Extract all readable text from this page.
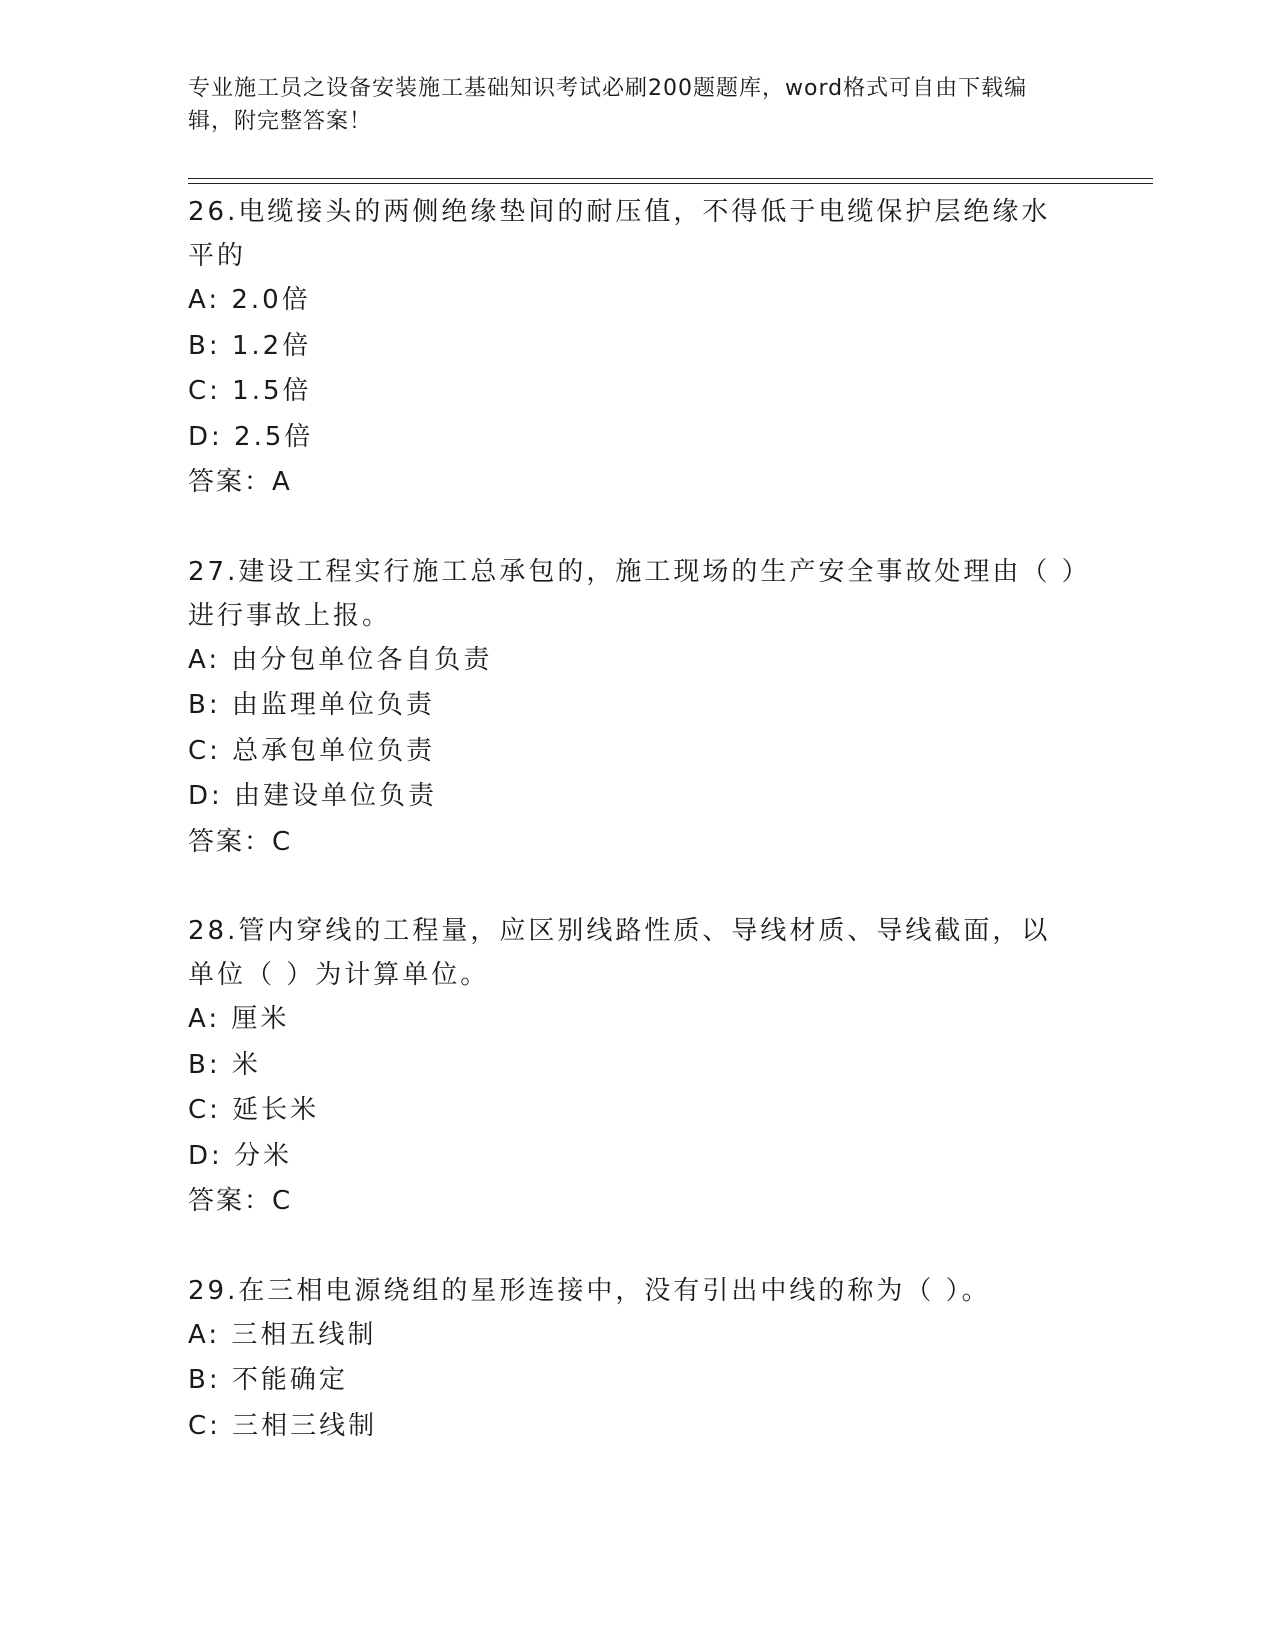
专业施工员之设备安装施工基础知识考试必刷200题题库，word格式可自由下载编辑，附完整答案！
26.电缆接头的两侧绝缘垫间的耐压值，不得低于电缆保护层绝缘水平的
A: 2.0倍
B: 1.2倍
C: 1.5倍
D: 2.5倍
答案：A
27.建设工程实行施工总承包的，施工现场的生产安全事故处理由（ ）进行事故上报。
A: 由分包单位各自负责
B: 由监理单位负责
C: 总承包单位负责
D: 由建设单位负责
答案：C
28.管内穿线的工程量，应区别线路性质、导线材质、导线截面，以单位（ ）为计算单位。
A: 厘米
B: 米
C: 延长米
D: 分米
答案：C
29.在三相电源绕组的星形连接中，没有引出中线的称为（ ）。
A: 三相五线制
B: 不能确定
C: 三相三线制
